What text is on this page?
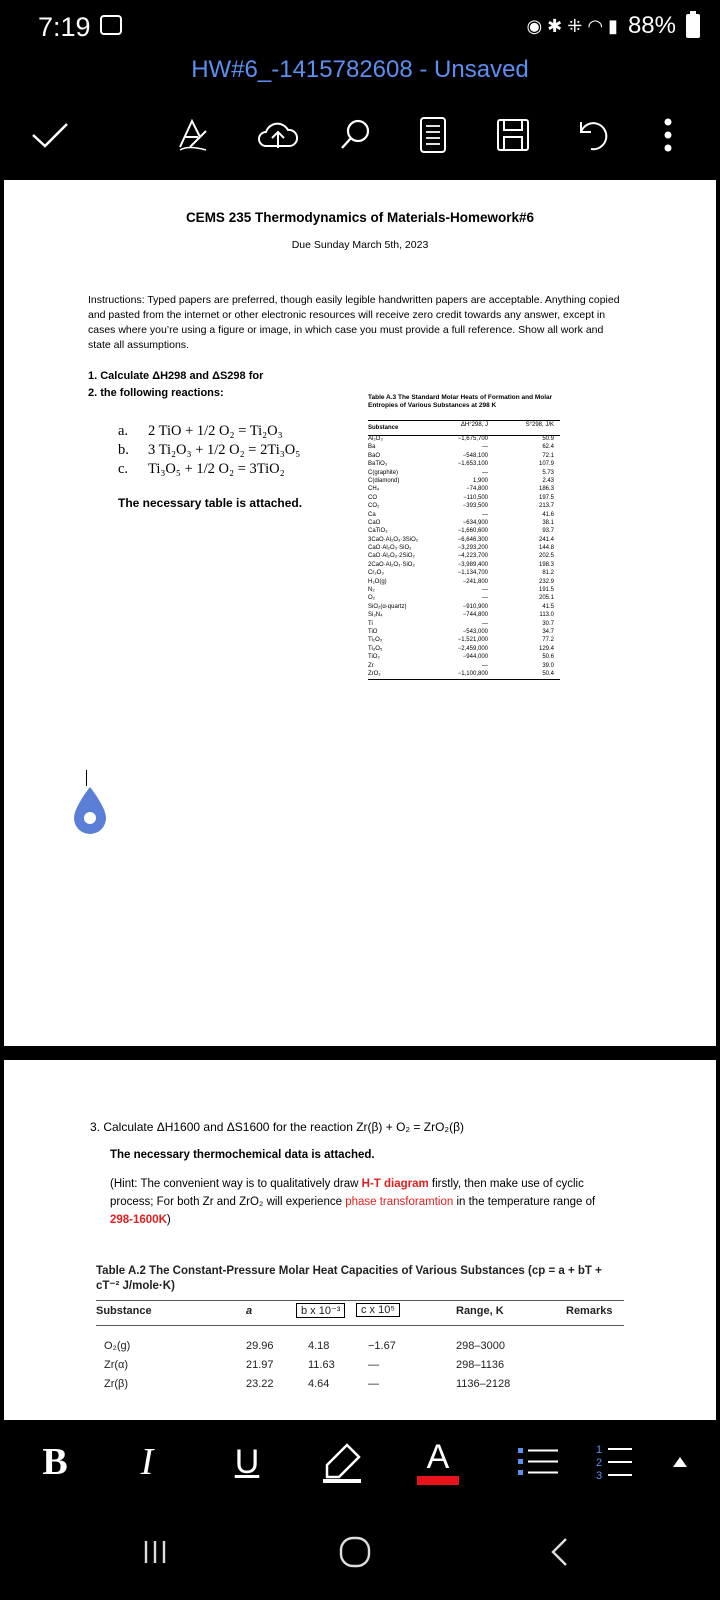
7:19	◉ ✱ ⁜ ◠ ▮ 88%
HW#6_-1415782608 - Unsaved
CEMS 235 Thermodynamics of Materials-Homework#6
Due Sunday March 5th, 2023
Instructions: Typed papers are preferred, though easily legible handwritten papers are acceptable. Anything copied and pasted from the internet or other electronic resources will receive zero credit towards any answer, except in cases where you’re using a figure or image, in which case you must provide a full reference. Show all work and state all assumptions.
1. Calculate ΔH298 and ΔS298 for
2. the following reactions:
a. 2 TiO + 1/2 O₂ = Ti₂O₃
b. 3 Ti₂O₃ + 1/2 O₂ = 2Ti₃O₅
c. Ti₃O₅ + 1/2 O₂ = 3TiO₂
The necessary table is attached.
Table A.3 The Standard Molar Heats of Formation and Molar Entropies of Various Substances at 298 K
Substance	ΔH°298, J	S°298, J/K
Al₂O₃	−1,675,700	50.9
Ba	—	62.4
BaO	−548,100	72.1
BaTiO₃	−1,653,100	107.9
C(graphite)	—	5.73
C(diamond)	1,900	2.43
CH₄	−74,800	186.3
CO	−110,500	197.5
CO₂	−393,500	213.7
Ca	—	41.6
CaO	−634,900	38.1
CaTiO₃	−1,660,600	93.7
3CaO·Al₂O₃·3SiO₂	−6,646,300	241.4
CaO·Al₂O₃·SiO₂	−3,293,200	144.8
CaO·Al₂O₃·2SiO₂	−4,223,700	202.5
2CaO·Al₂O₃·SiO₂	−3,989,400	198.3
Cr₂O₃	−1,134,700	81.2
H₂O(g)	−241,800	232.9
N₂	—	191.5
O₂	—	205.1
SiO₂(α-quartz)	−910,900	41.5
Si₃N₄	−744,800	113.0
Ti	—	30.7
TiO	−543,000	34.7
Ti₂O₃	−1,521,000	77.2
Ti₃O₅	−2,459,000	129.4
TiO₂	−944,000	50.6
Zr	—	39.0
ZrO₂	−1,100,800	50.4
3. Calculate ΔH1600 and ΔS1600 for the reaction Zr(β) + O₂ = ZrO₂(β)
The necessary thermochemical data is attached.
(Hint: The convenient way is to qualitatively draw H-T diagram firstly, then make use of cyclic process; For both Zr and ZrO₂ will experience phase transforamtion in the temperature range of 298-1600K)
Table A.2 The Constant-Pressure Molar Heat Capacities of Various Substances (cp = a + bT + cT⁻² J/mole·K)
Substance	a	b x 10⁻³	c x 10⁵	Range, K	Remarks
O₂(g)	29.96	4.18	−1.67	298–3000
Zr(α)	21.97	11.63	—	298–1136
Zr(β)	23.22	4.64	—	1136–2128
B	I	U	A	1
2
3
